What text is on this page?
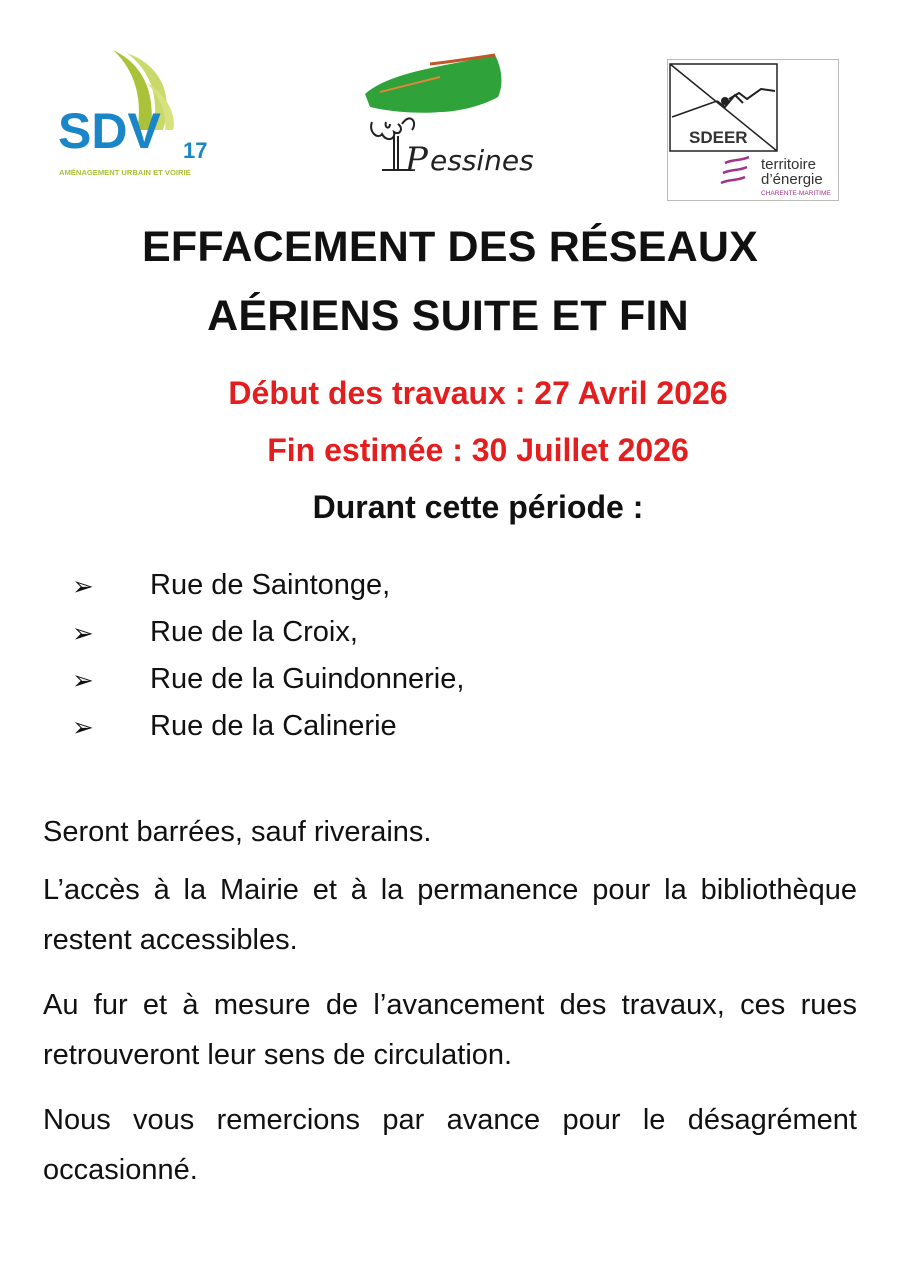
SDV 17
AMÉNAGEMENT URBAIN ET VOIRIE	P essines
SDEER
territoire
d’énergie
CHARENTE-MARITIME
EFFACEMENT DES RÉSEAUX
AÉRIENS SUITE ET FIN
Début des travaux : 27 Avril 2026
Fin estimée : 30 Juillet 2026
Durant cette période :
➢	Rue de Saintonge,
➢	Rue de la Croix,
➢	Rue de la Guindonnerie,
➢	Rue de la Calinerie

Seront barrées, sauf riverains.

L’accès à la Mairie et à la permanence pour la bibliothèque restent accessibles.

Au fur et à mesure de l’avancement des travaux, ces rues retrouveront leur sens de circulation.

Nous vous remercions par avance pour le désagrément occasionné.
